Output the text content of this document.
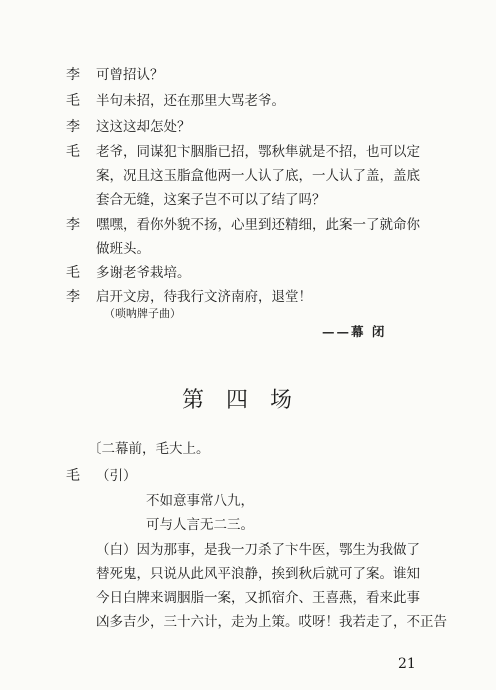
李 可曾招认？
毛 半句未招，还在那里大骂老爷。
李 这这这却怎处？
毛 老爷，同谋犯卞胭脂已招，鄂秋隼就是不招，也可以定
案，况且这玉脂盒他两一人认了底，一人认了盖，盖底
套合无缝，这案子岂不可以了结了吗？
李 嘿嘿，看你外貌不扬，心里到还精细，此案一了就命你
做班头。
毛 多谢老爷栽培。
李 启开文房，待我行文济南府，退堂！
（唢呐牌子曲）
——幕 闭
第四场
〔二幕前，毛大上。
毛 （引）
不如意事常八九，
可与人言无二三。
（白）因为那事，是我一刀杀了卞牛医，鄂生为我做了
替死鬼，只说从此风平浪静，挨到秋后就可了案。谁知
今日白牌来调胭脂一案，又抓宿介、王喜燕，看来此事
凶多吉少，三十六计，走为上策。哎呀！我若走了，不正告
21
